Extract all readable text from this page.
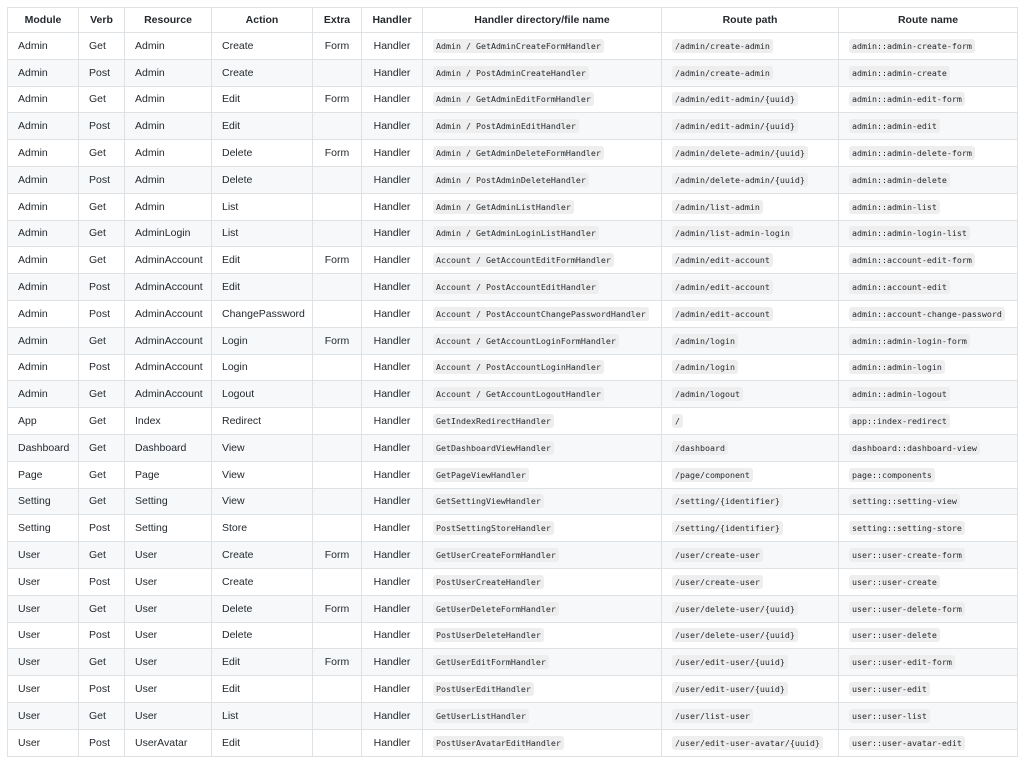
Module	Verb	Resource	Action	Extra	Handler	Handler directory/file name	Route path	Route name
Admin	Get	Admin	Create	Form	Handler	Admin / GetAdminCreateFormHandler	/admin/create-admin	admin::admin-create-form
Admin	Post	Admin	Create		Handler	Admin / PostAdminCreateHandler	/admin/create-admin	admin::admin-create
Admin	Get	Admin	Edit	Form	Handler	Admin / GetAdminEditFormHandler	/admin/edit-admin/{uuid}	admin::admin-edit-form
Admin	Post	Admin	Edit		Handler	Admin / PostAdminEditHandler	/admin/edit-admin/{uuid}	admin::admin-edit
Admin	Get	Admin	Delete	Form	Handler	Admin / GetAdminDeleteFormHandler	/admin/delete-admin/{uuid}	admin::admin-delete-form
Admin	Post	Admin	Delete		Handler	Admin / PostAdminDeleteHandler	/admin/delete-admin/{uuid}	admin::admin-delete
Admin	Get	Admin	List		Handler	Admin / GetAdminListHandler	/admin/list-admin	admin::admin-list
Admin	Get	AdminLogin	List		Handler	Admin / GetAdminLoginListHandler	/admin/list-admin-login	admin::admin-login-list
Admin	Get	AdminAccount	Edit	Form	Handler	Account / GetAccountEditFormHandler	/admin/edit-account	admin::account-edit-form
Admin	Post	AdminAccount	Edit		Handler	Account / PostAccountEditHandler	/admin/edit-account	admin::account-edit
Admin	Post	AdminAccount	ChangePassword		Handler	Account / PostAccountChangePasswordHandler	/admin/edit-account	admin::account-change-password
Admin	Get	AdminAccount	Login	Form	Handler	Account / GetAccountLoginFormHandler	/admin/login	admin::admin-login-form
Admin	Post	AdminAccount	Login		Handler	Account / PostAccountLoginHandler	/admin/login	admin::admin-login
Admin	Get	AdminAccount	Logout		Handler	Account / GetAccountLogoutHandler	/admin/logout	admin::admin-logout
App	Get	Index	Redirect		Handler	GetIndexRedirectHandler	/	app::index-redirect
Dashboard	Get	Dashboard	View		Handler	GetDashboardViewHandler	/dashboard	dashboard::dashboard-view
Page	Get	Page	View		Handler	GetPageViewHandler	/page/component	page::components
Setting	Get	Setting	View		Handler	GetSettingViewHandler	/setting/{identifier}	setting::setting-view
Setting	Post	Setting	Store		Handler	PostSettingStoreHandler	/setting/{identifier}	setting::setting-store
User	Get	User	Create	Form	Handler	GetUserCreateFormHandler	/user/create-user	user::user-create-form
User	Post	User	Create		Handler	PostUserCreateHandler	/user/create-user	user::user-create
User	Get	User	Delete	Form	Handler	GetUserDeleteFormHandler	/user/delete-user/{uuid}	user::user-delete-form
User	Post	User	Delete		Handler	PostUserDeleteHandler	/user/delete-user/{uuid}	user::user-delete
User	Get	User	Edit	Form	Handler	GetUserEditFormHandler	/user/edit-user/{uuid}	user::user-edit-form
User	Post	User	Edit		Handler	PostUserEditHandler	/user/edit-user/{uuid}	user::user-edit
User	Get	User	List		Handler	GetUserListHandler	/user/list-user	user::user-list
User	Post	UserAvatar	Edit		Handler	PostUserAvatarEditHandler	/user/edit-user-avatar/{uuid}	user::user-avatar-edit
